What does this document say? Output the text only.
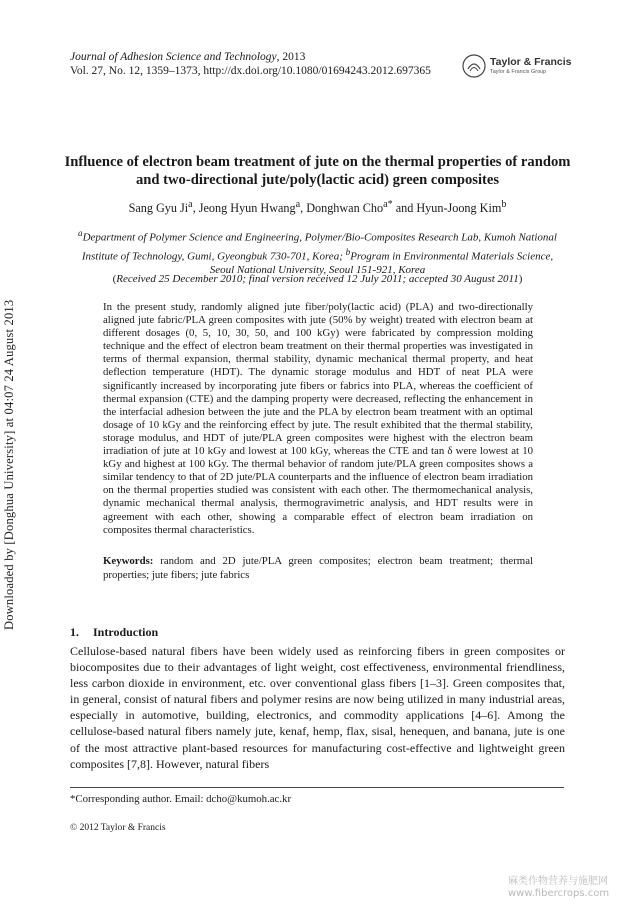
Downloaded by [Donghua University] at 04:07 24 August 2013
Journal of Adhesion Science and Technology, 2013
Vol. 27, No. 12, 1359–1373, http://dx.doi.org/10.1080/01694243.2012.697365
Taylor & Francis
Taylor & Francis Group
Influence of electron beam treatment of jute on the thermal properties of random and two-directional jute/poly(lactic acid) green composites
Sang Gyu Ji$^a$, Jeong Hyun Hwang$^a$, Donghwan Cho$^{a*}$ and Hyun-Joong Kim$^b$
$^a$Department of Polymer Science and Engineering, Polymer/Bio-Composites Research Lab, Kumoh National Institute of Technology, Gumi, Gyeongbuk 730-701, Korea; $^b$Program in Environmental Materials Science, Seoul National University, Seoul 151-921, Korea
(Received 25 December 2010; final version received 12 July 2011; accepted 30 August 2011)
In the present study, randomly aligned jute fiber/poly(lactic acid) (PLA) and two-directionally aligned jute fabric/PLA green composites with jute (50% by weight) treated with electron beam at different dosages (0, 5, 10, 30, 50, and 100 kGy) were fabricated by compression molding technique and the effect of electron beam treatment on their thermal properties was investigated in terms of thermal expansion, thermal stability, dynamic mechanical thermal property, and heat deflection temperature (HDT). The dynamic storage modulus and HDT of neat PLA were significantly increased by incorporating jute fibers or fabrics into PLA, whereas the coefficient of thermal expansion (CTE) and the damping property were decreased, reflecting the enhancement in the interfacial adhesion between the jute and the PLA by electron beam treatment with an optimal dosage of 10 kGy and the reinforcing effect by jute. The result exhibited that the thermal stability, storage modulus, and HDT of jute/PLA green composites were highest with the electron beam irradiation of jute at 10 kGy and lowest at 100 kGy, whereas the CTE and tan δ were lowest at 10 kGy and highest at 100 kGy. The thermal behavior of random jute/PLA green composites shows a similar tendency to that of 2D jute/PLA counterparts and the influence of electron beam irradiation on the thermal properties studied was consistent with each other. The thermomechanical analysis, dynamic mechanical thermal analysis, thermogravimetric analysis, and HDT results were in agreement with each other, showing a comparable effect of electron beam irradiation on composites thermal characteristics.
Keywords: random and 2D jute/PLA green composites; electron beam treatment; thermal properties; jute fibers; jute fabrics
1. Introduction
Cellulose-based natural fibers have been widely used as reinforcing fibers in green composites or biocomposites due to their advantages of light weight, cost effectiveness, environmental friendliness, less carbon dioxide in environment, etc. over conventional glass fibers [1–3]. Green composites that, in general, consist of natural fibers and polymer resins are now being utilized in many industrial areas, especially in automotive, building, electronics, and commodity applications [4–6]. Among the cellulose-based natural fibers namely jute, kenaf, hemp, flax, sisal, henequen, and banana, jute is one of the most attractive plant-based resources for manufacturing cost-effective and lightweight green composites [7,8]. However, natural fibers
*Corresponding author. Email: dcho@kumoh.ac.kr
© 2012 Taylor & Francis
麻类作物营养与施肥网
www.fibercrops.com
